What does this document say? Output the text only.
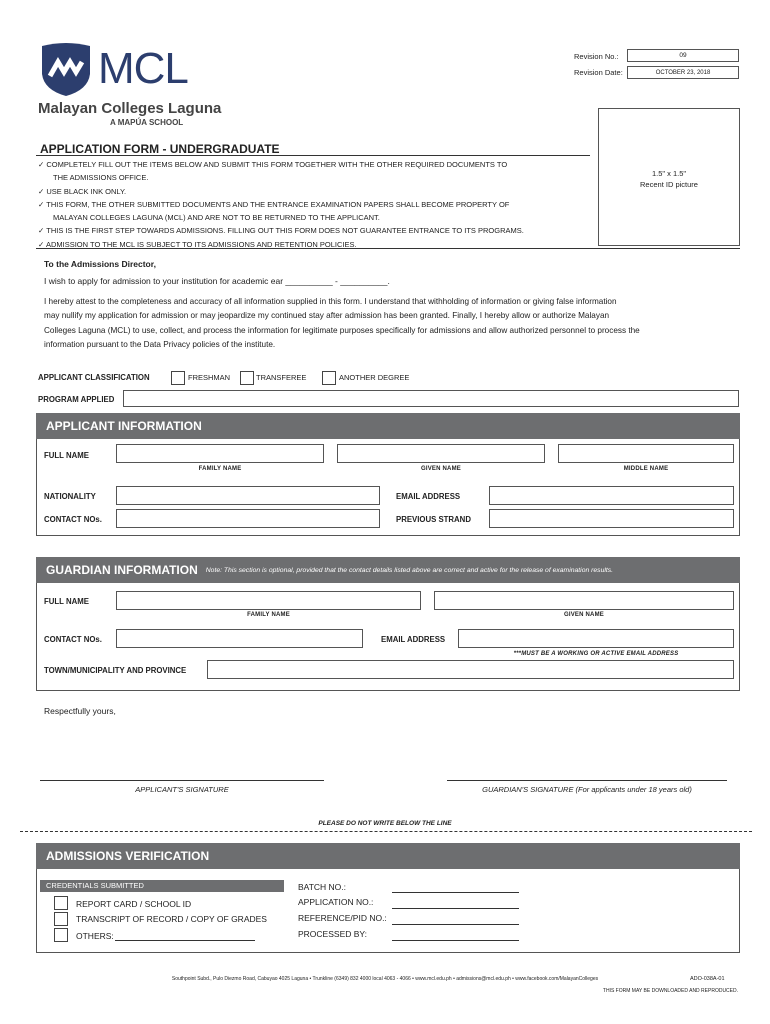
MCL
Malayan Colleges Laguna
A MAPÚA SCHOOL
Revision No.:	09
Revision Date:	OCTOBER 23, 2018
1.5" x 1.5"
Recent ID picture
APPLICATION FORM - UNDERGRADUATE
✓ COMPLETELY FILL OUT THE ITEMS BELOW AND SUBMIT THIS FORM TOGETHER WITH THE OTHER REQUIRED DOCUMENTS TO
THE ADMISSIONS OFFICE.
✓ USE BLACK INK ONLY.
✓ THIS FORM, THE OTHER SUBMITTED DOCUMENTS AND THE ENTRANCE EXAMINATION PAPERS SHALL BECOME PROPERTY OF
MALAYAN COLLEGES LAGUNA (MCL) AND ARE NOT TO BE RETURNED TO THE APPLICANT.
✓ THIS IS THE FIRST STEP TOWARDS ADMISSIONS. FILLING OUT THIS FORM DOES NOT GUARANTEE ENTRANCE TO ITS PROGRAMS.
✓ ADMISSION TO THE MCL IS SUBJECT TO ITS ADMISSIONS AND RETENTION POLICIES.
To the Admissions Director,
I wish to apply for admission to your institution for academic ear __________ - __________.
I hereby attest to the completeness and accuracy of all information supplied in this form. I understand that withholding of information or giving false information
may nullify my application for admission or may jeopardize my continued stay after admission has been granted. Finally, I hereby allow or authorize Malayan
Colleges Laguna (MCL) to use, collect, and process the information for legitimate purposes specifically for admissions and allow authorized personnel to process the
information pursuant to the Data Privacy policies of the institute.
APPLICANT CLASSIFICATION	FRESHMAN	TRANSFEREE	ANOTHER DEGREE
PROGRAM APPLIED
APPLICANT INFORMATION
FULL NAME
FAMILY NAME	GIVEN NAME	MIDDLE NAME
NATIONALITY	EMAIL ADDRESS
CONTACT NOs.	PREVIOUS STRAND
GUARDIAN INFORMATION Note: This section is optional, provided that the contact details listed above are correct and active for the release of examination results.
FULL NAME
FAMILY NAME	GIVEN NAME
CONTACT NOs.	EMAIL ADDRESS
***MUST BE A WORKING OR ACTIVE EMAIL ADDRESS
TOWN/MUNICIPALITY AND PROVINCE
Respectfully yours,
APPLICANT'S SIGNATURE	GUARDIAN'S SIGNATURE (For applicants under 18 years old)
PLEASE DO NOT WRITE BELOW THE LINE
ADMISSIONS VERIFICATION
CREDENTIALS SUBMITTED
REPORT CARD / SCHOOL ID
TRANSCRIPT OF RECORD / COPY OF GRADES
OTHERS:
BATCH NO.:
APPLICATION NO.:
REFERENCE/PID NO.:
PROCESSED BY:
Southpoint Subd., Pulo Diezmo Road, Cabuyao 4025 Laguna • Trunkline (6349) 832 4000 local 4063 - 4066 • www.mcl.edu.ph • admissions@mcl.edu.ph • www.facebook.com/MalayanColleges	ADO-038A-01
THIS FORM MAY BE DOWNLOADED AND REPRODUCED.
